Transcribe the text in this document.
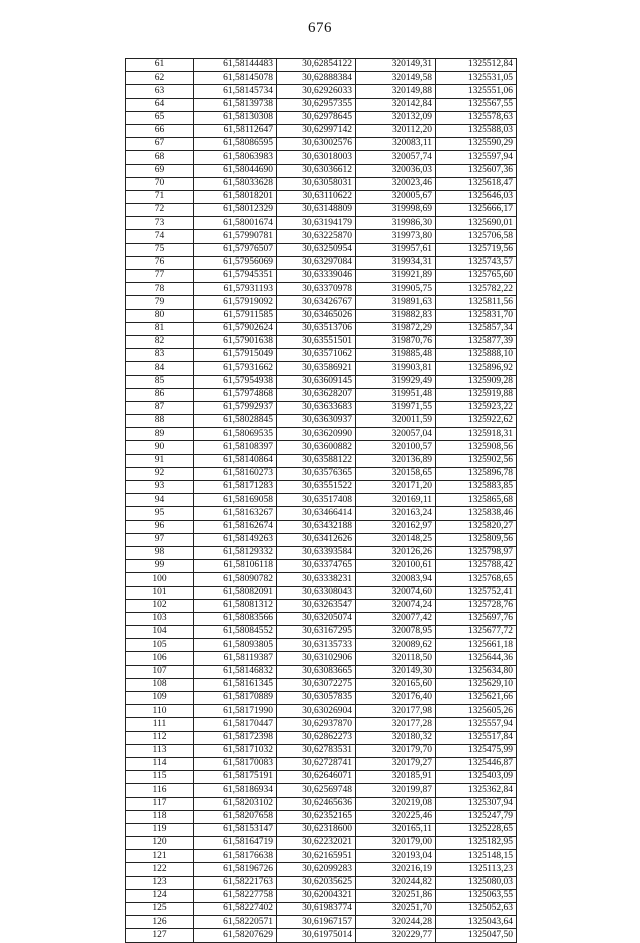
676
61	61,58144483	30,62854122	320149,31	1325512,84
62	61,58145078	30,62888384	320149,58	1325531,05
63	61,58145734	30,62926033	320149,88	1325551,06
64	61,58139738	30,62957355	320142,84	1325567,55
65	61,58130308	30,62978645	320132,09	1325578,63
66	61,58112647	30,62997142	320112,20	1325588,03
67	61,58086595	30,63002576	320083,11	1325590,29
68	61,58063983	30,63018003	320057,74	1325597,94
69	61,58044690	30,63036612	320036,03	1325607,36
70	61,58033628	30,63058031	320023,46	1325618,47
71	61,58018201	30,63110622	320005,67	1325646,03
72	61,58012329	30,63148809	319998,69	1325666,17
73	61,58001674	30,63194179	319986,30	1325690,01
74	61,57990781	30,63225870	319973,80	1325706,58
75	61,57976507	30,63250954	319957,61	1325719,56
76	61,57956069	30,63297084	319934,31	1325743,57
77	61,57945351	30,63339046	319921,89	1325765,60
78	61,57931193	30,63370978	319905,75	1325782,22
79	61,57919092	30,63426767	319891,63	1325811,56
80	61,57911585	30,63465026	319882,83	1325831,70
81	61,57902624	30,63513706	319872,29	1325857,34
82	61,57901638	30,63551501	319870,76	1325877,39
83	61,57915049	30,63571062	319885,48	1325888,10
84	61,57931662	30,63586921	319903,81	1325896,92
85	61,57954938	30,63609145	319929,49	1325909,28
86	61,57974868	30,63628207	319951,48	1325919,88
87	61,57992937	30,63633683	319971,55	1325923,22
88	61,58028845	30,63630937	320011,59	1325922,62
89	61,58069535	30,63620990	320057,04	1325918,31
90	61,58108397	30,63600882	320100,57	1325908,56
91	61,58140864	30,63588122	320136,89	1325902,56
92	61,58160273	30,63576365	320158,65	1325896,78
93	61,58171283	30,63551522	320171,20	1325883,85
94	61,58169058	30,63517408	320169,11	1325865,68
95	61,58163267	30,63466414	320163,24	1325838,46
96	61,58162674	30,63432188	320162,97	1325820,27
97	61,58149263	30,63412626	320148,25	1325809,56
98	61,58129332	30,63393584	320126,26	1325798,97
99	61,58106118	30,63374765	320100,61	1325788,42
100	61,58090782	30,63338231	320083,94	1325768,65
101	61,58082091	30,63308043	320074,60	1325752,41
102	61,58081312	30,63263547	320074,24	1325728,76
103	61,58083566	30,63205074	320077,42	1325697,76
104	61,58084552	30,63167295	320078,95	1325677,72
105	61,58093805	30,63135733	320089,62	1325661,18
106	61,58119387	30,63102906	320118,50	1325644,36
107	61,58146832	30,63083665	320149,30	1325634,80
108	61,58161345	30,63072275	320165,60	1325629,10
109	61,58170889	30,63057835	320176,40	1325621,66
110	61,58171990	30,63026904	320177,98	1325605,26
111	61,58170447	30,62937870	320177,28	1325557,94
112	61,58172398	30,62862273	320180,32	1325517,84
113	61,58171032	30,62783531	320179,70	1325475,99
114	61,58170083	30,62728741	320179,27	1325446,87
115	61,58175191	30,62646071	320185,91	1325403,09
116	61,58186934	30,62569748	320199,87	1325362,84
117	61,58203102	30,62465636	320219,08	1325307,94
118	61,58207658	30,62352165	320225,46	1325247,79
119	61,58153147	30,62318600	320165,11	1325228,65
120	61,58164719	30,62232021	320179,00	1325182,95
121	61,58176638	30,62165951	320193,04	1325148,15
122	61,58196726	30,62099283	320216,19	1325113,23
123	61,58221763	30,62035625	320244,82	1325080,03
124	61,58227758	30,62004321	320251,86	1325063,55
125	61,58227402	30,61983774	320251,70	1325052,63
126	61,58220571	30,61967157	320244,28	1325043,64
127	61,58207629	30,61975014	320229,77	1325047,50
